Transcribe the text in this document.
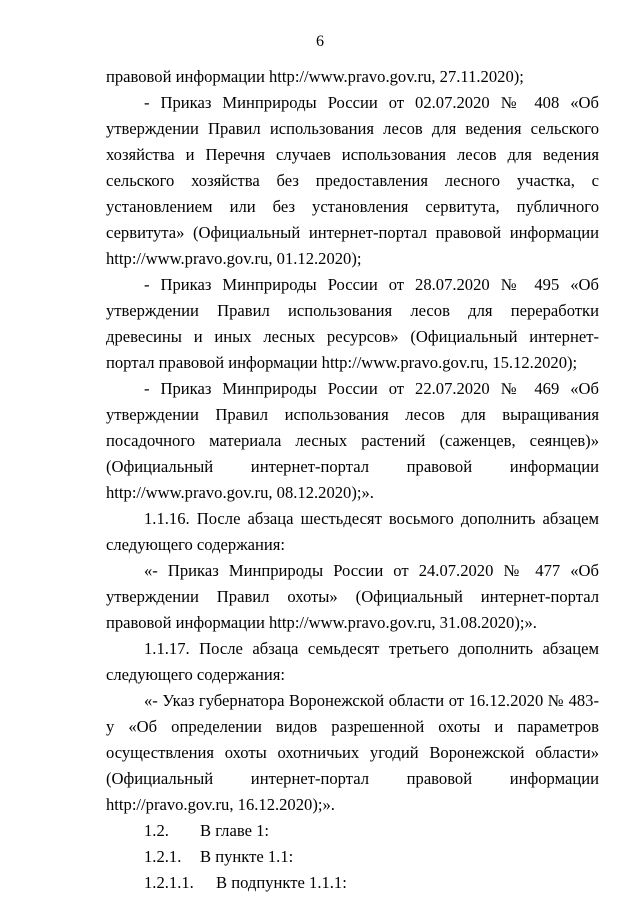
6

правовой информации http://www.pravo.gov.ru, 27.11.2020);

- Приказ Минприроды России от 02.07.2020 № 408 «Об утверждении Правил использования лесов для ведения сельского хозяйства и Перечня случаев использования лесов для ведения сельского хозяйства без предоставления лесного участка, с установлением или без установления сервитута, публичного сервитута» (Официальный интернет-портал правовой информации http://www.pravo.gov.ru, 01.12.2020);

- Приказ Минприроды России от 28.07.2020 № 495 «Об утверждении Правил использования лесов для переработки древесины и иных лесных ресурсов» (Официальный интернет-портал правовой информации http://www.pravo.gov.ru, 15.12.2020);

- Приказ Минприроды России от 22.07.2020 № 469 «Об утверждении Правил использования лесов для выращивания посадочного материала лесных растений (саженцев, сеянцев)» (Официальный интернет-портал правовой информации http://www.pravo.gov.ru, 08.12.2020);».

1.1.16. После абзаца шестьдесят восьмого дополнить абзацем следующего содержания:

«- Приказ Минприроды России от 24.07.2020 № 477 «Об утверждении Правил охоты» (Официальный интернет-портал правовой информации http://www.pravo.gov.ru, 31.08.2020);».

1.1.17. После абзаца семьдесят третьего дополнить абзацем следующего содержания:

«- Указ губернатора Воронежской области от 16.12.2020 № 483-у «Об определении видов разрешенной охоты и параметров осуществления охоты охотничьих угодий Воронежской области» (Официальный интернет-портал правовой информации http://pravo.gov.ru, 16.12.2020);».

1.2. В главе 1:

1.2.1. В пункте 1.1:

1.2.1.1. В подпункте 1.1.1:
